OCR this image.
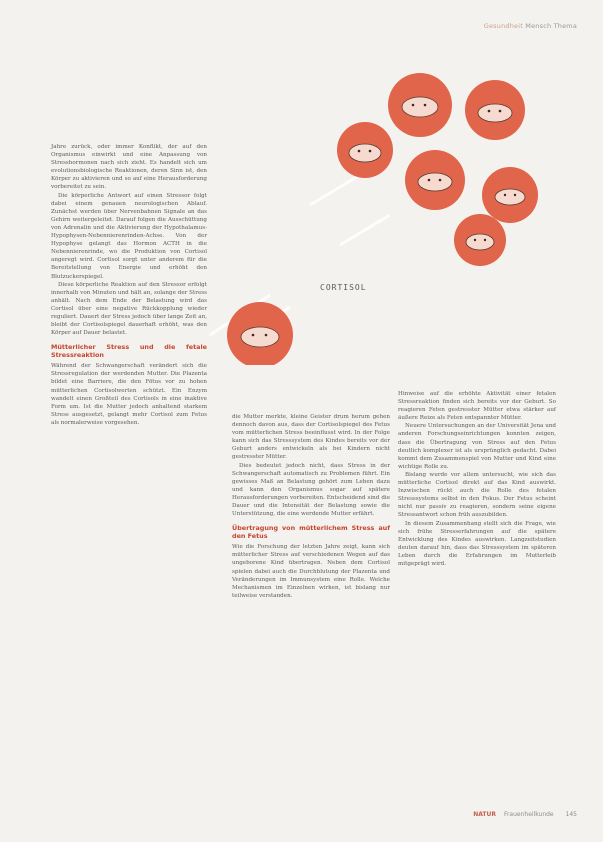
Gesundheit Mensch Thema
CORTISOL

Jahre zurück, oder immer Konflikt, der auf den Organismus einwirkt und eine Anpassung von Stresshormonen nach sich zieht. Es handelt sich um evolutionsbiologische Reaktionen, deren Sinn ist, den Körper zu aktivieren und so auf eine Herausforderung vorbereitet zu sein.

Die körperliche Antwort auf einen Stressor folgt dabei einem genauen neurologischen Ablauf. Zunächst werden über Nervenbahnen Signale an das Gehirn weitergeleitet. Darauf folgen die Ausschüttung von Adrenalin und die Aktivierung der Hypothalamus-Hypophysen-Nebennierenrinden-Achse. Von der Hypophyse gelangt das Hormon ACTH in die Nebennierenrinde, wo die Produktion von Cortisol angeregt wird. Cortisol sorgt unter anderem für die Bereitstellung von Energie und erhöht den Blutzuckerspiegel.

Diese körperliche Reaktion auf den Stressor erfolgt innerhalb von Minuten und hält an, solange der Stress anhält. Nach dem Ende der Belastung wird das Cortisol über eine negative Rückkopplung wieder reguliert. Dauert der Stress jedoch über lange Zeit an, bleibt der Cortisolspiegel dauerhaft erhöht, was den Körper auf Dauer belastet.

Mütterlicher Stress und die fetale Stressreaktion

Während der Schwangerschaft verändert sich die Stressregulation der werdenden Mutter. Die Plazenta bildet eine Barriere, die den Fötus vor zu hohen mütterlichen Cortisolwerten schützt. Ein Enzym wandelt einen Großteil des Cortisols in eine inaktive Form um. Ist die Mutter jedoch anhaltend starkem Stress ausgesetzt, gelangt mehr Cortisol zum Fetus als normalerweise vorgesehen.

die Mutter merkte, kleine Geister drum herum gehen dennoch davon aus, dass der Cortisolspiegel des Fetus vom mütterlichen Stress beeinflusst wird. In der Folge kann sich das Stresssystem des Kindes bereits vor der Geburt anders entwickeln als bei Kindern nicht gestresster Mütter.

Dies bedeutet jedoch nicht, dass Stress in der Schwangerschaft automatisch zu Problemen führt. Ein gewisses Maß an Belastung gehört zum Leben dazu und kann den Organismus sogar auf spätere Herausforderungen vorbereiten. Entscheidend sind die Dauer und die Intensität der Belastung sowie die Unterstützung, die eine werdende Mutter erfährt.

Übertragung von mütterlichem Stress auf den Fetus

Wie die Forschung der letzten Jahre zeigt, kann sich mütterlicher Stress auf verschiedenen Wegen auf das ungeborene Kind übertragen. Neben dem Cortisol spielen dabei auch die Durchblutung der Plazenta und Veränderungen im Immunsystem eine Rolle. Welche Mechanismen im Einzelnen wirken, ist bislang nur teilweise verstanden.

Hinweise auf die erhöhte Aktivität einer fetalen Stressreaktion finden sich bereits vor der Geburt. So reagieren Feten gestresster Mütter etwa stärker auf äußere Reize als Feten entspannter Mütter.

Neuere Untersuchungen an der Universität Jena und anderen Forschungseinrichtungen konnten zeigen, dass die Übertragung von Stress auf den Fetus deutlich komplexer ist als ursprünglich gedacht. Dabei kommt dem Zusammenspiel von Mutter und Kind eine wichtige Rolle zu.

Bislang wurde vor allem untersucht, wie sich das mütterliche Cortisol direkt auf das Kind auswirkt. Inzwischen rückt auch die Rolle des fetalen Stresssystems selbst in den Fokus. Der Fetus scheint nicht nur passiv zu reagieren, sondern seine eigene Stressantwort schon früh auszubilden.

In diesem Zusammenhang stellt sich die Frage, wie sich frühe Stresserfahrungen auf die spätere Entwicklung des Kindes auswirken. Langzeitstudien deuten darauf hin, dass das Stresssystem im späteren Leben durch die Erfahrungen im Mutterleib mitgeprägt wird.

NATUR Frauenheilkunde 145
